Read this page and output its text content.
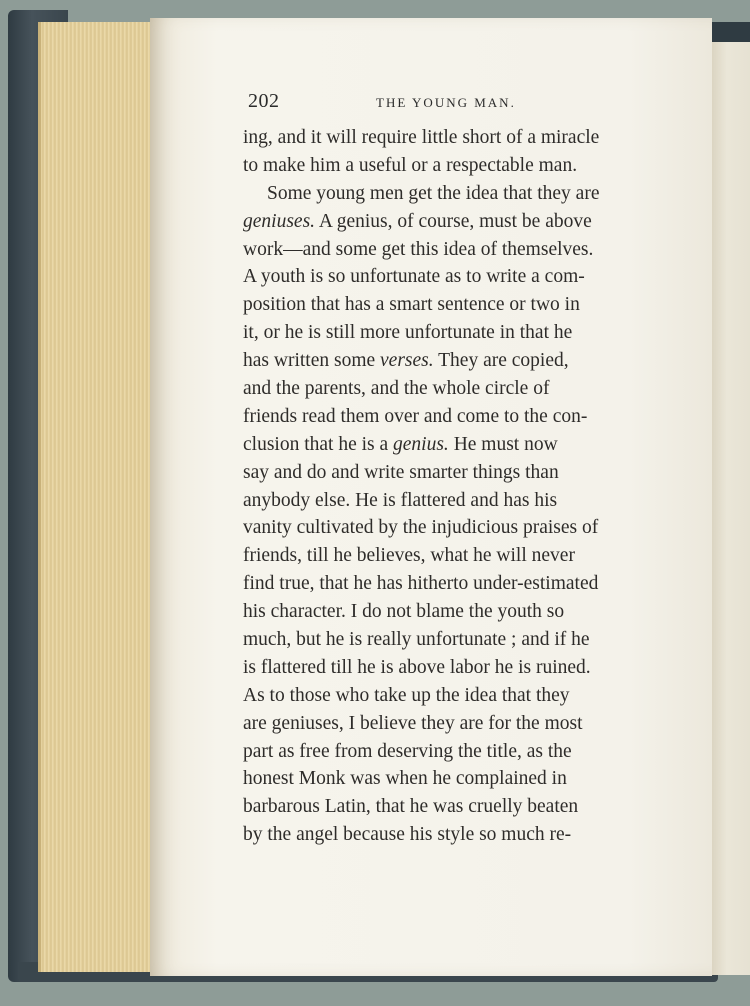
202	THE YOUNG MAN.
ing, and it will require little short of a miracle
to make him a useful or a respectable man.
Some young men get the idea that they are
geniuses. A genius, of course, must be above
work—and some get this idea of themselves.
A youth is so unfortunate as to write a com-
position that has a smart sentence or two in
it, or he is still more unfortunate in that he
has written some verses. They are copied,
and the parents, and the whole circle of
friends read them over and come to the con-
clusion that he is a genius. He must now
say and do and write smarter things than
anybody else. He is flattered and has his
vanity cultivated by the injudicious praises of
friends, till he believes, what he will never
find true, that he has hitherto under-estimated
his character. I do not blame the youth so
much, but he is really unfortunate ; and if he
is flattered till he is above labor he is ruined.
As to those who take up the idea that they
are geniuses, I believe they are for the most
part as free from deserving the title, as the
honest Monk was when he complained in
barbarous Latin, that he was cruelly beaten
by the angel because his style so much re-
